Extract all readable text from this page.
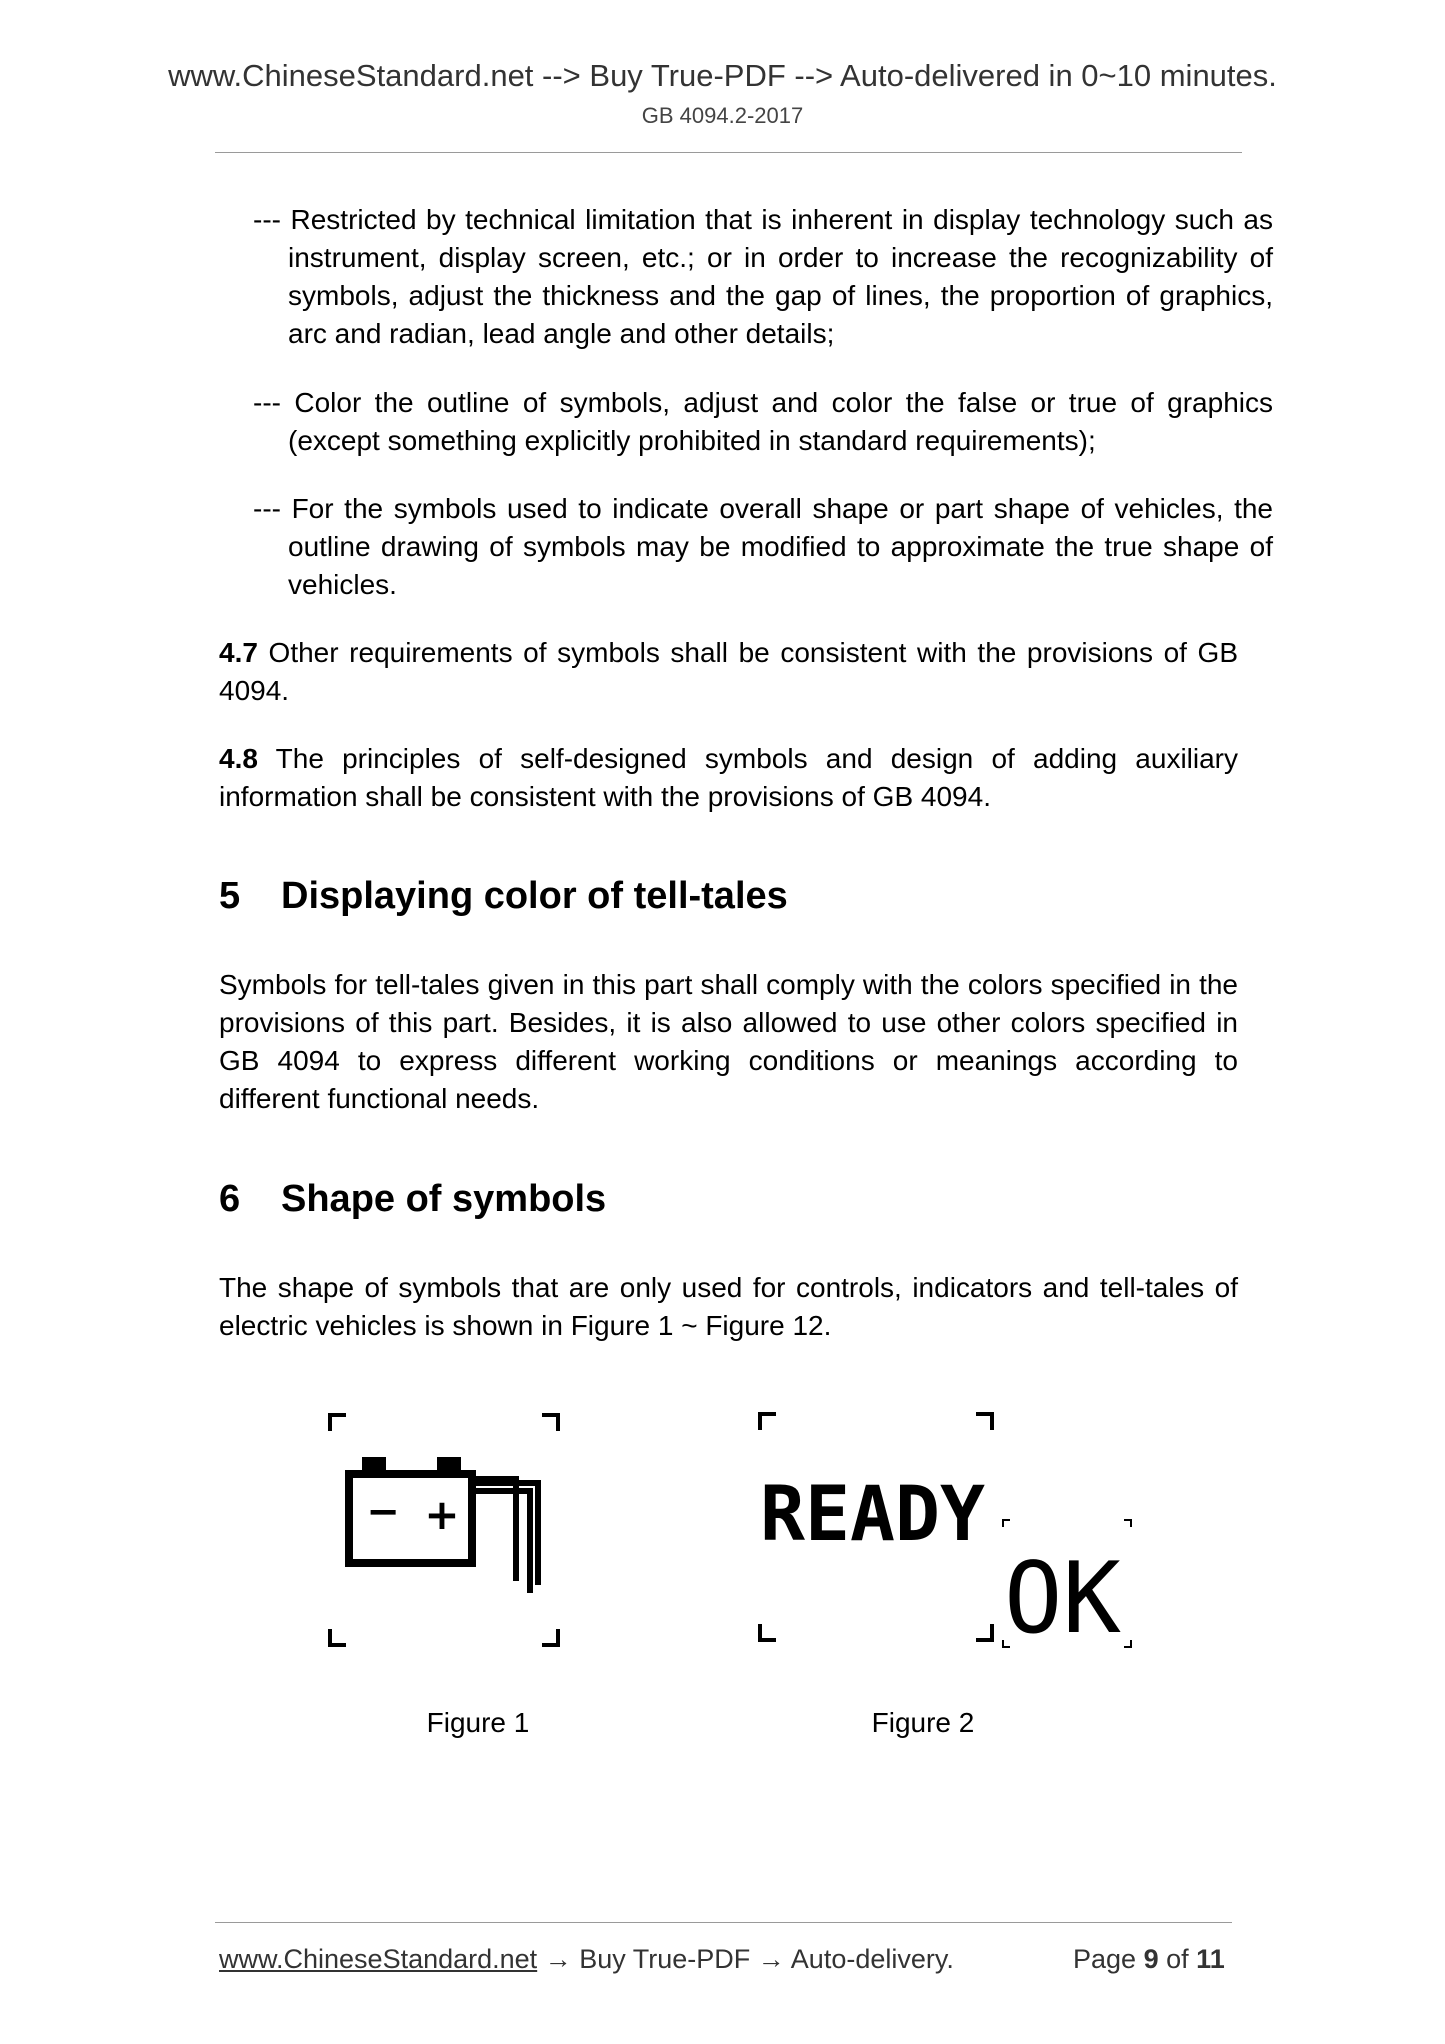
www.ChineseStandard.net --> Buy True-PDF --> Auto-delivered in 0~10 minutes.
GB 4094.2-2017
--- Restricted by technical limitation that is inherent in display technology such as instrument, display screen, etc.; or in order to increase the recognizability of symbols, adjust the thickness and the gap of lines, the proportion of graphics, arc and radian, lead angle and other details;
--- Color the outline of symbols, adjust and color the false or true of graphics (except something explicitly prohibited in standard requirements);
--- For the symbols used to indicate overall shape or part shape of vehicles, the outline drawing of symbols may be modified to approximate the true shape of vehicles.
4.7 Other requirements of symbols shall be consistent with the provisions of GB 4094.
4.8 The principles of self-designed symbols and design of adding auxiliary information shall be consistent with the provisions of GB 4094.
5 Displaying color of tell-tales
Symbols for tell-tales given in this part shall comply with the colors specified in the provisions of this part. Besides, it is also allowed to use other colors specified in GB 4094 to express different working conditions or meanings according to different functional needs.
6 Shape of symbols
The shape of symbols that are only used for controls, indicators and tell-tales of electric vehicles is shown in Figure 1 ~ Figure 12.
− +
Figure 1
READY
OK
Figure 2
www.ChineseStandard.net → Buy True-PDF → Auto-delivery.	Page 9 of 11
